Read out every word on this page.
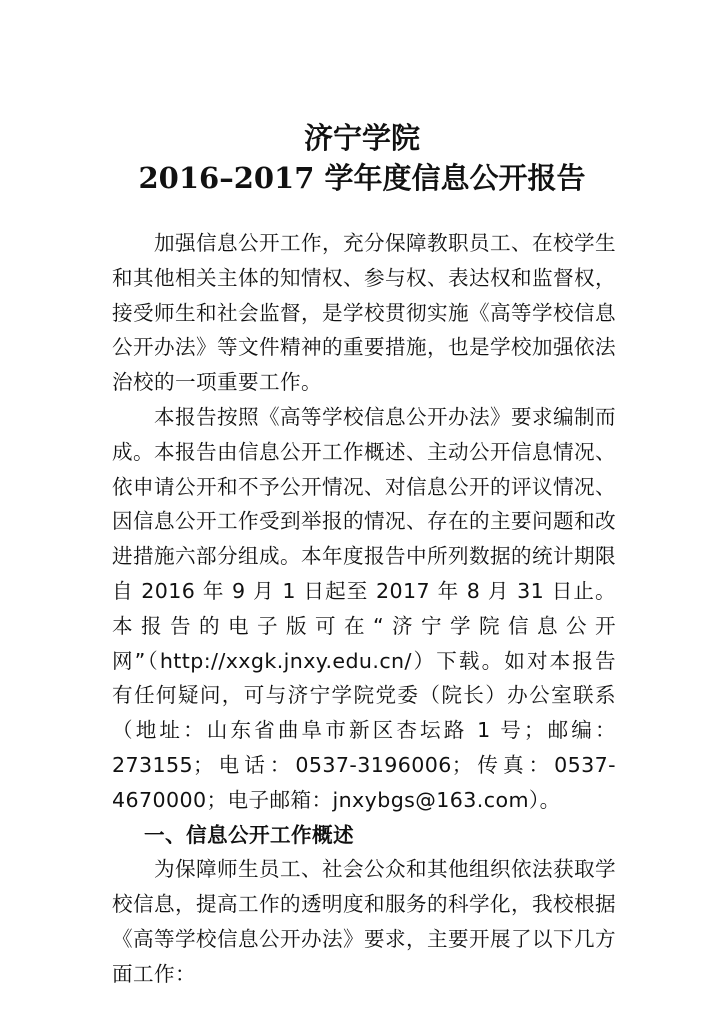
济宁学院
2016–2017 学年度信息公开报告

加强信息公开工作，充分保障教职员工、在校学生和其他相关主体的知情权、参与权、表达权和监督权，接受师生和社会监督，是学校贯彻实施《高等学校信息公开办法》等文件精神的重要措施，也是学校加强依法治校的一项重要工作。

本报告按照《高等学校信息公开办法》要求编制而成。本报告由信息公开工作概述、主动公开信息情况、依申请公开和不予公开情况、对信息公开的评议情况、因信息公开工作受到举报的情况、存在的主要问题和改进措施六部分组成。本年度报告中所列数据的统计期限自 2016 年 9 月 1 日起至 2017 年 8 月 31 日止。本报告的电子版可在“济宁学院信息公开网”（http://xxgk.jnxy.edu.cn/）下载。如对本报告有任何疑问，可与济宁学院党委（院长）办公室联系（地址：山东省曲阜市新区杏坛路 1 号；邮编：273155；电话：0537-3196006；传真：0537-4670000；电子邮箱：jnxybgs@163.com）。

一、信息公开工作概述

为保障师生员工、社会公众和其他组织依法获取学校信息，提高工作的透明度和服务的科学化，我校根据《高等学校信息公开办法》要求，主要开展了以下几方面工作：
